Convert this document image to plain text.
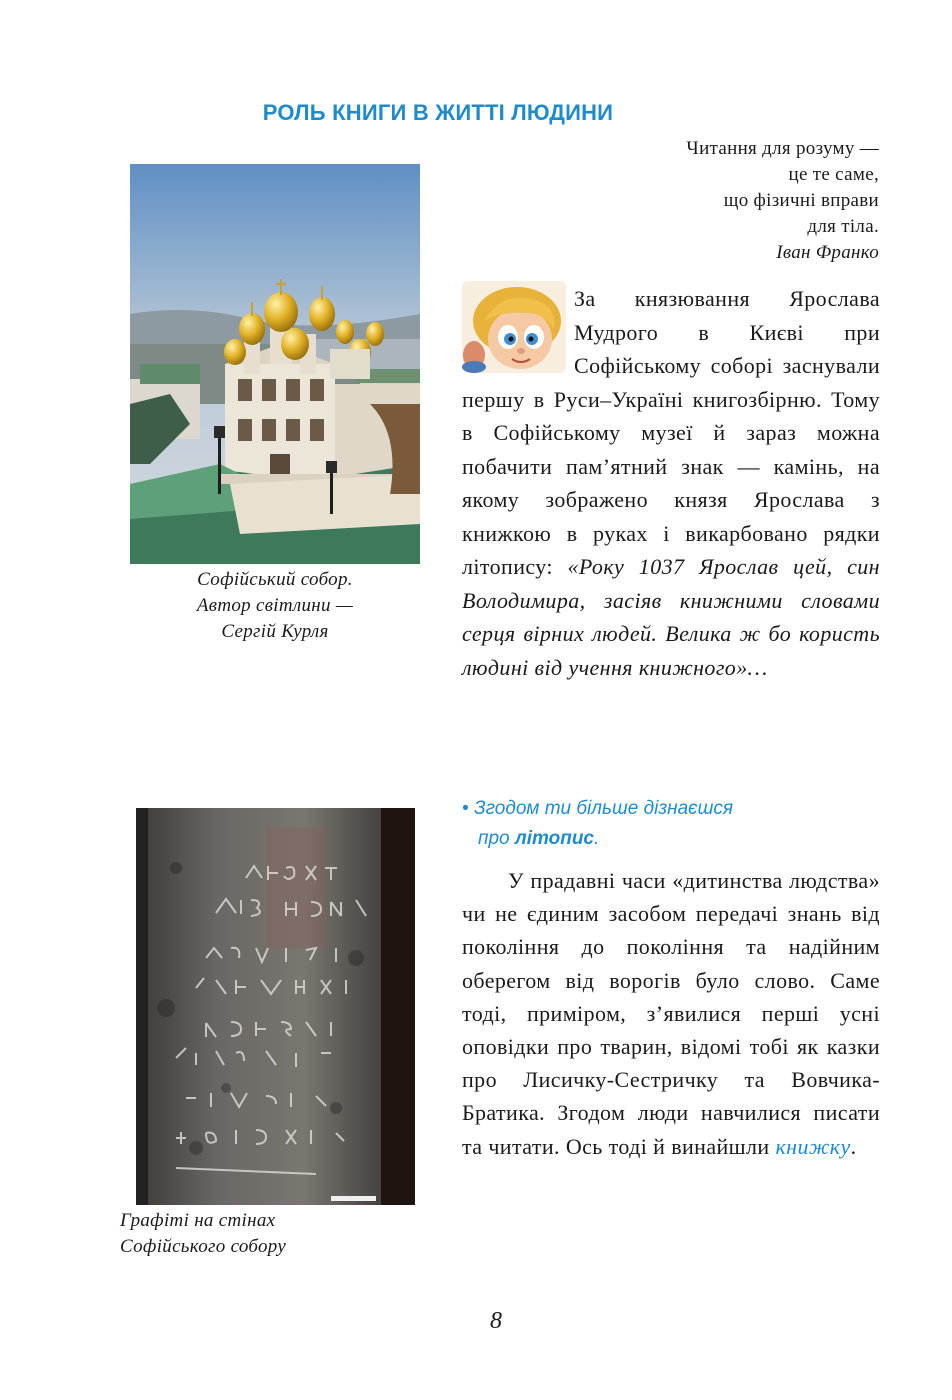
РОЛЬ КНИГИ В ЖИТТІ ЛЮДИНИ
Читання для розуму —
це те саме,
що фізичні вправи
для тіла.
Іван Франко
Софійський собор.
Автор світлини —
Сергій Курля
За князювання Ярослава Мудрого в Києві при Софійському соборі заснували першу в Руси–Україні книгозбірню. Тому в Софійському музеї й зараз можна побачити пам’ятний знак — камінь, на якому зображено князя Ярослава з книжкою в руках і викарбовано рядки літопису: «Року 1037 Ярослав цей, син Володимира, засіяв книжними словами серця вірних людей. Велика ж бо користь людині від учення книжного»…
• Згодом ти більше дізнаєшся
про літопис.
Графіті на стінах
Софійського собору
У прадавні часи «дитинства людства» чи не єдиним засобом передачі знань від покоління до покоління та надійним оберегом від ворогів було слово. Саме тоді, приміром, з’явилися перші усні оповідки про тварин, відомі тобі як казки про Лисичку-Сестричку та Вовчика-Братика. Згодом люди навчилися писати та читати. Ось тоді й винайшли книжку.
8
